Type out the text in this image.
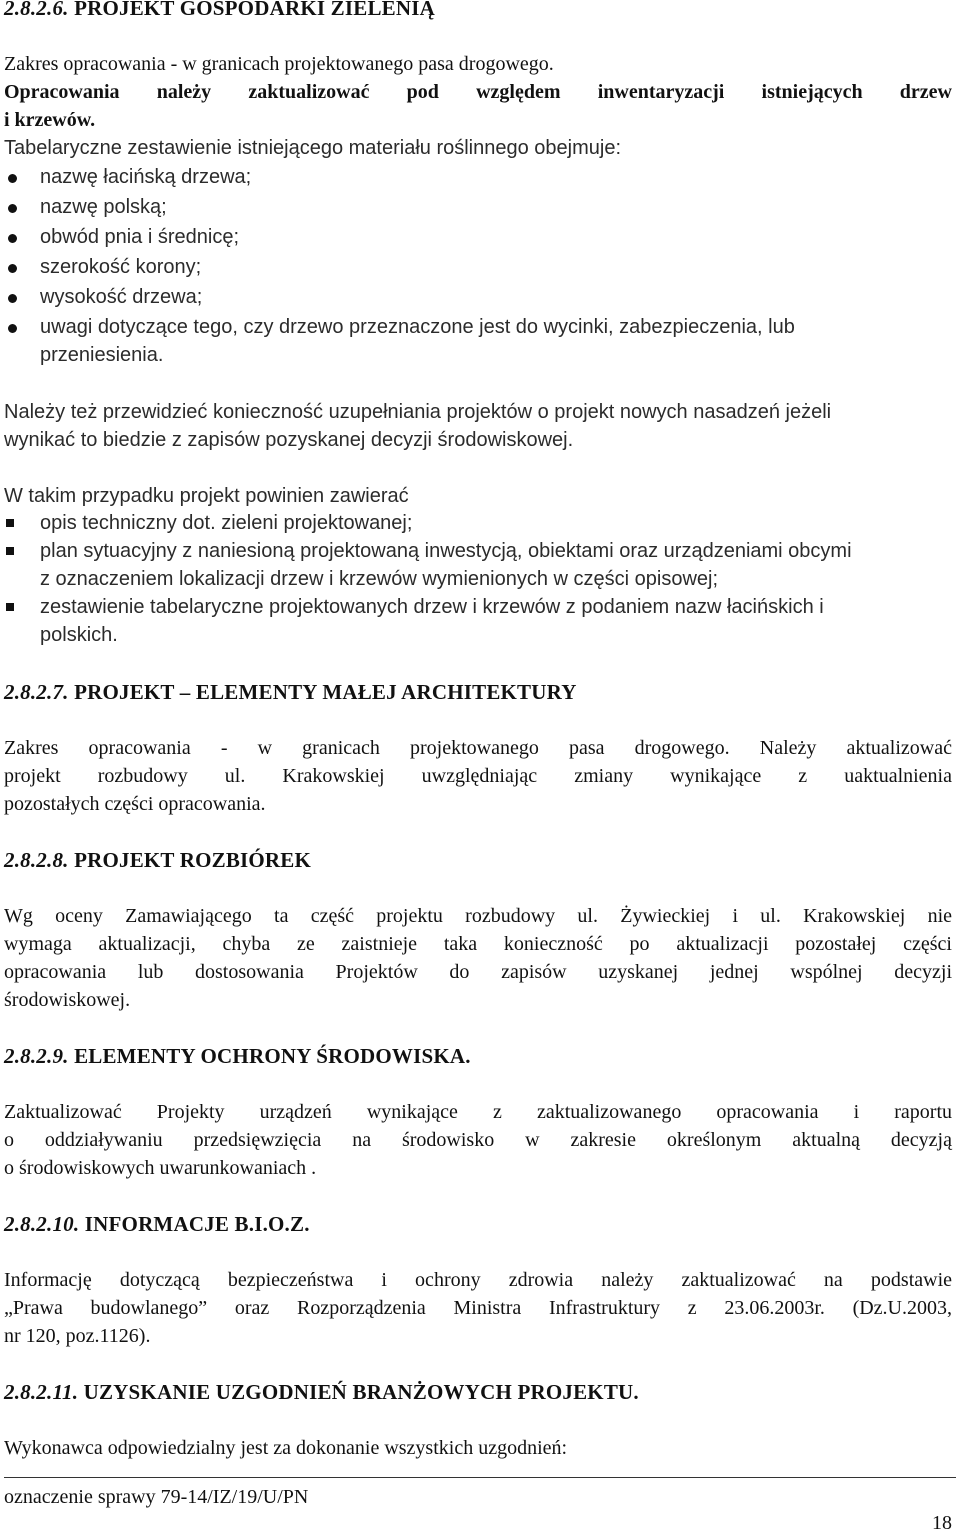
2.8.2.6. PROJEKT GOSPODARKI ZIELENIĄ
Zakres opracowania - w granicach projektowanego pasa drogowego.
Opracowania należy zaktualizować pod względem inwentaryzacji istniejących drzew
i krzewów.
Tabelaryczne zestawienie istniejącego materiału roślinnego obejmuje:
nazwę łacińską drzewa;
nazwę polską;
obwód pnia i średnicę;
szerokość korony;
wysokość drzewa;
uwagi dotyczące tego, czy drzewo przeznaczone jest do wycinki, zabezpieczenia, lub
przeniesienia.
Należy też przewidzieć konieczność uzupełniania projektów o projekt nowych nasadzeń jeżeli
wynikać to biedzie z zapisów pozyskanej decyzji środowiskowej.
W takim przypadku projekt powinien zawierać
opis techniczny dot. zieleni projektowanej;
plan sytuacyjny z naniesioną projektowaną inwestycją, obiektami oraz urządzeniami obcymi
z oznaczeniem lokalizacji drzew i krzewów wymienionych w części opisowej;
zestawienie tabelaryczne projektowanych drzew i krzewów z podaniem nazw łacińskich i
polskich.
2.8.2.7. PROJEKT – ELEMENTY MAŁEJ ARCHITEKTURY
Zakres opracowania - w granicach projektowanego pasa drogowego. Należy aktualizować
projekt rozbudowy ul. Krakowskiej uwzględniając zmiany wynikające z uaktualnienia
pozostałych części opracowania.
2.8.2.8. PROJEKT ROZBIÓREK
Wg oceny Zamawiającego ta część projektu rozbudowy ul. Żywieckiej i ul. Krakowskiej nie
wymaga aktualizacji, chyba ze zaistnieje taka konieczność po aktualizacji pozostałej części
opracowania lub dostosowania Projektów do zapisów uzyskanej jednej wspólnej decyzji
środowiskowej.
2.8.2.9. ELEMENTY OCHRONY ŚRODOWISKA.
Zaktualizować Projekty urządzeń wynikające z zaktualizowanego opracowania i raportu
o oddziaływaniu przedsięwzięcia na środowisko w zakresie określonym aktualną decyzją
o środowiskowych uwarunkowaniach .
2.8.2.10. INFORMACJE B.I.O.Z.
Informację dotyczącą bezpieczeństwa i ochrony zdrowia należy zaktualizować na podstawie
„Prawa budowlanego” oraz Rozporządzenia Ministra Infrastruktury z 23.06.2003r. (Dz.U.2003,
nr 120, poz.1126).
2.8.2.11. UZYSKANIE UZGODNIEŃ BRANŻOWYCH PROJEKTU.
Wykonawca odpowiedzialny jest za dokonanie wszystkich uzgodnień:
oznaczenie sprawy 79-14/IZ/19/U/PN
18
